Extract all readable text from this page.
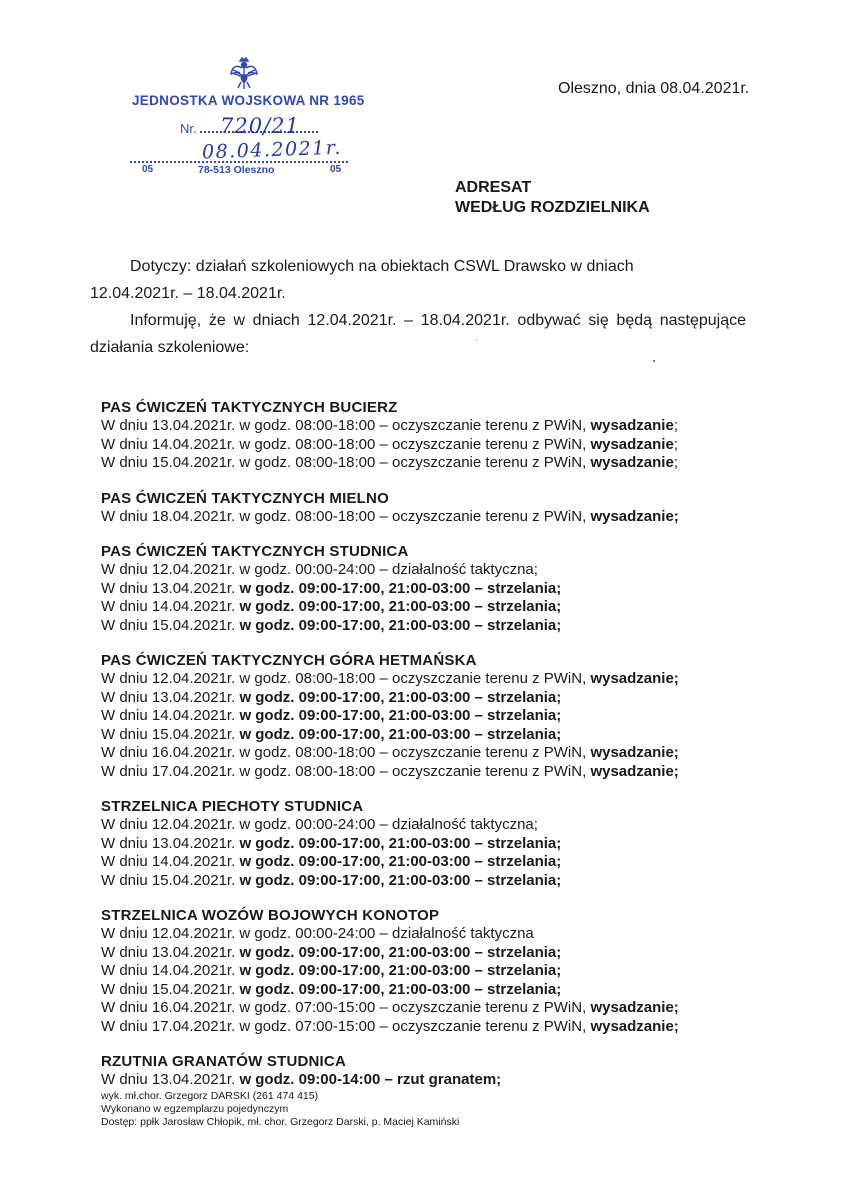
JEDNOSTKA WOJSKOWA NR 1965
Nr. 720/21
08.04.2021r.
05	78-513 Oleszno	05
Oleszno, dnia 08.04.2021r.
ADRESAT
WEDŁUG ROZDZIELNIKA

Dotyczy: działań szkoleniowych na obiektach CSWL Drawsko w dniach

12.04.2021r. – 18.04.2021r.

Informuję, że w dniach 12.04.2021r. – 18.04.2021r. odbywać się będą następujące

działania szkoleniowe:

PAS ĆWICZEŃ TAKTYCZNYCH BUCIERZ
W dniu 13.04.2021r. w godz. 08:00-18:00 – oczyszczanie terenu z PWiN, wysadzanie;
W dniu 14.04.2021r. w godz. 08:00-18:00 – oczyszczanie terenu z PWiN, wysadzanie;
W dniu 15.04.2021r. w godz. 08:00-18:00 – oczyszczanie terenu z PWiN, wysadzanie;
PAS ĆWICZEŃ TAKTYCZNYCH MIELNO
W dniu 18.04.2021r. w godz. 08:00-18:00 – oczyszczanie terenu z PWiN, wysadzanie;
PAS ĆWICZEŃ TAKTYCZNYCH STUDNICA
W dniu 12.04.2021r. w godz. 00:00-24:00 – działalność taktyczna;
W dniu 13.04.2021r. w godz. 09:00-17:00, 21:00-03:00 – strzelania;
W dniu 14.04.2021r. w godz. 09:00-17:00, 21:00-03:00 – strzelania;
W dniu 15.04.2021r. w godz. 09:00-17:00, 21:00-03:00 – strzelania;
PAS ĆWICZEŃ TAKTYCZNYCH GÓRA HETMAŃSKA
W dniu 12.04.2021r. w godz. 08:00-18:00 – oczyszczanie terenu z PWiN, wysadzanie;
W dniu 13.04.2021r. w godz. 09:00-17:00, 21:00-03:00 – strzelania;
W dniu 14.04.2021r. w godz. 09:00-17:00, 21:00-03:00 – strzelania;
W dniu 15.04.2021r. w godz. 09:00-17:00, 21:00-03:00 – strzelania;
W dniu 16.04.2021r. w godz. 08:00-18:00 – oczyszczanie terenu z PWiN, wysadzanie;
W dniu 17.04.2021r. w godz. 08:00-18:00 – oczyszczanie terenu z PWiN, wysadzanie;
STRZELNICA PIECHOTY STUDNICA
W dniu 12.04.2021r. w godz. 00:00-24:00 – działalność taktyczna;
W dniu 13.04.2021r. w godz. 09:00-17:00, 21:00-03:00 – strzelania;
W dniu 14.04.2021r. w godz. 09:00-17:00, 21:00-03:00 – strzelania;
W dniu 15.04.2021r. w godz. 09:00-17:00, 21:00-03:00 – strzelania;
STRZELNICA WOZÓW BOJOWYCH KONOTOP
W dniu 12.04.2021r. w godz. 00:00-24:00 – działalność taktyczna
W dniu 13.04.2021r. w godz. 09:00-17:00, 21:00-03:00 – strzelania;
W dniu 14.04.2021r. w godz. 09:00-17:00, 21:00-03:00 – strzelania;
W dniu 15.04.2021r. w godz. 09:00-17:00, 21:00-03:00 – strzelania;
W dniu 16.04.2021r. w godz. 07:00-15:00 – oczyszczanie terenu z PWiN, wysadzanie;
W dniu 17.04.2021r. w godz. 07:00-15:00 – oczyszczanie terenu z PWiN, wysadzanie;
RZUTNIA GRANATÓW STUDNICA
W dniu 13.04.2021r. w godz. 09:00-14:00 – rzut granatem;
wyk. mł.chor. Grzegorz DARSKI (261 474 415)
Wykonano w egzemplarzu pojedynczym
Dostęp: ppłk Jarosław Chłopik, mł. chor. Grzegorz Darski, p. Maciej Kamiński
